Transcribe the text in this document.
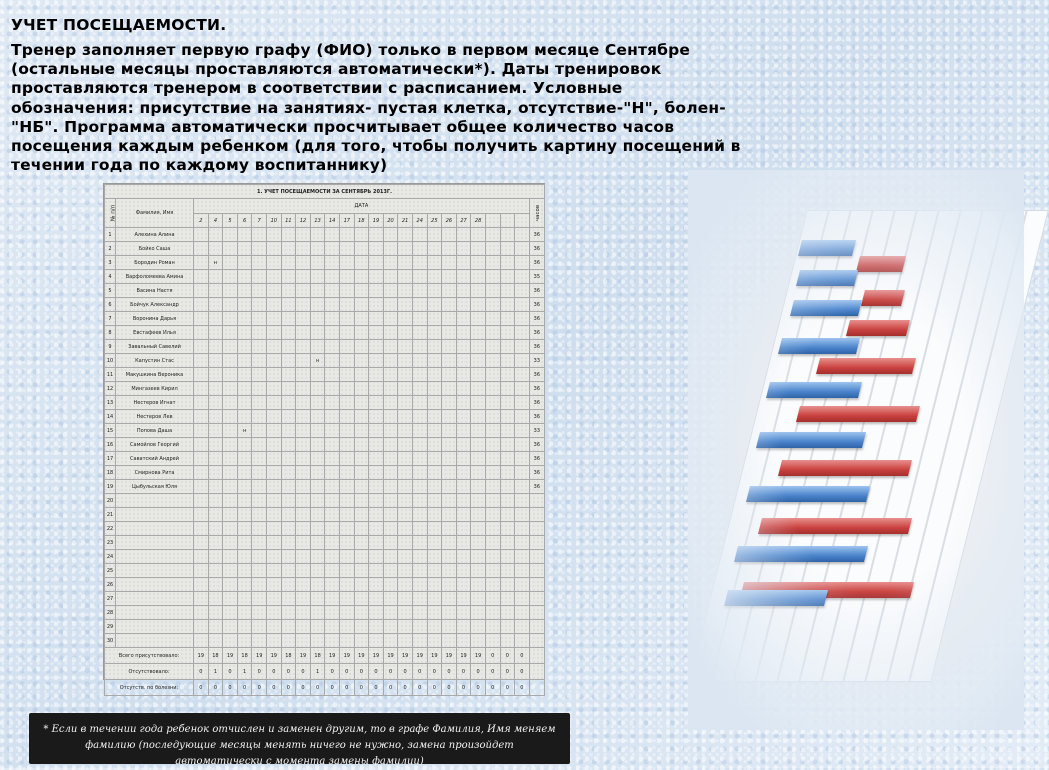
УЧЕТ ПОСЕЩАЕМОСТИ.
Тренер заполняет первую графу (ФИО) только в первом месяце Сентябре (остальные месяцы проставляются автоматически*). Даты тренировок проставляются тренером в соответствии с расписанием. Условные обозначения: присутствие на занятиях- пустая клетка, отсутствие-"Н", болен-"НБ". Программа автоматически просчитывает общее количество часов посещения каждым ребенком (для того, чтобы получить картину посещений в течении года по каждому воспитаннику)
1. УЧЕТ ПОСЕЩАЕМОСТИ ЗА СЕНТЯБРЬ 2013Г.																									
№ п/п	Фамилия, Имя	ДАТА																							часов
		2	4	5	6	7	10	11	12	13	14	17	18	19	20	21	24	25	26	27	28				
1	Алехина Алина																								36
2	Бойко Саша																								36
3	Бородин Роман		н																						36
4	Варфоломеева Амина																								35
5	Васина Настя																								36
6	Бойчук Александр																								36
7	Воронина Дарья																								36
8	Евстафеев Илья																								36
9	Завальный Савелий																								36
10	Капустин Стас									н															33
11	Макушкина Вероника																								36
12	Мингазеев Кирил																								36
13	Нестеров Игнат																								36
14	Нестеров Лев																								36
15	Попова Даша				н																				33
16	Самойлов Георгий																								36
17	Саватский Андрей																								36
18	Смирнова Рита																								36
19	Цыбульская Юля																								36
20																									
21																									
22																									
23																									
24																									
25																									
26																									
27																									
28																									
29																									
30																									
Всего присутствовало:		19	18	19	18	19	19	18	19	18	19	19	19	19	19	19	19	19	19	19	19	0	0	0	
Отсутствовало:		0	1	0	1	0	0	0	0	1	0	0	0	0	0	0	0	0	0	0	0	0	0	0	
Отсутств. по болезни:		0	0	0	0	0	0	0	0	0	0	0	0	0	0	0	0	0	0	0	0	0	0	0	
* Если в течении года ребенок отчислен и заменен другим, то в графе Фамилия, Имя меняем фамилию (последующие месяцы менять ничего не нужно, замена произойдет автоматически с момента замены фамилии)
